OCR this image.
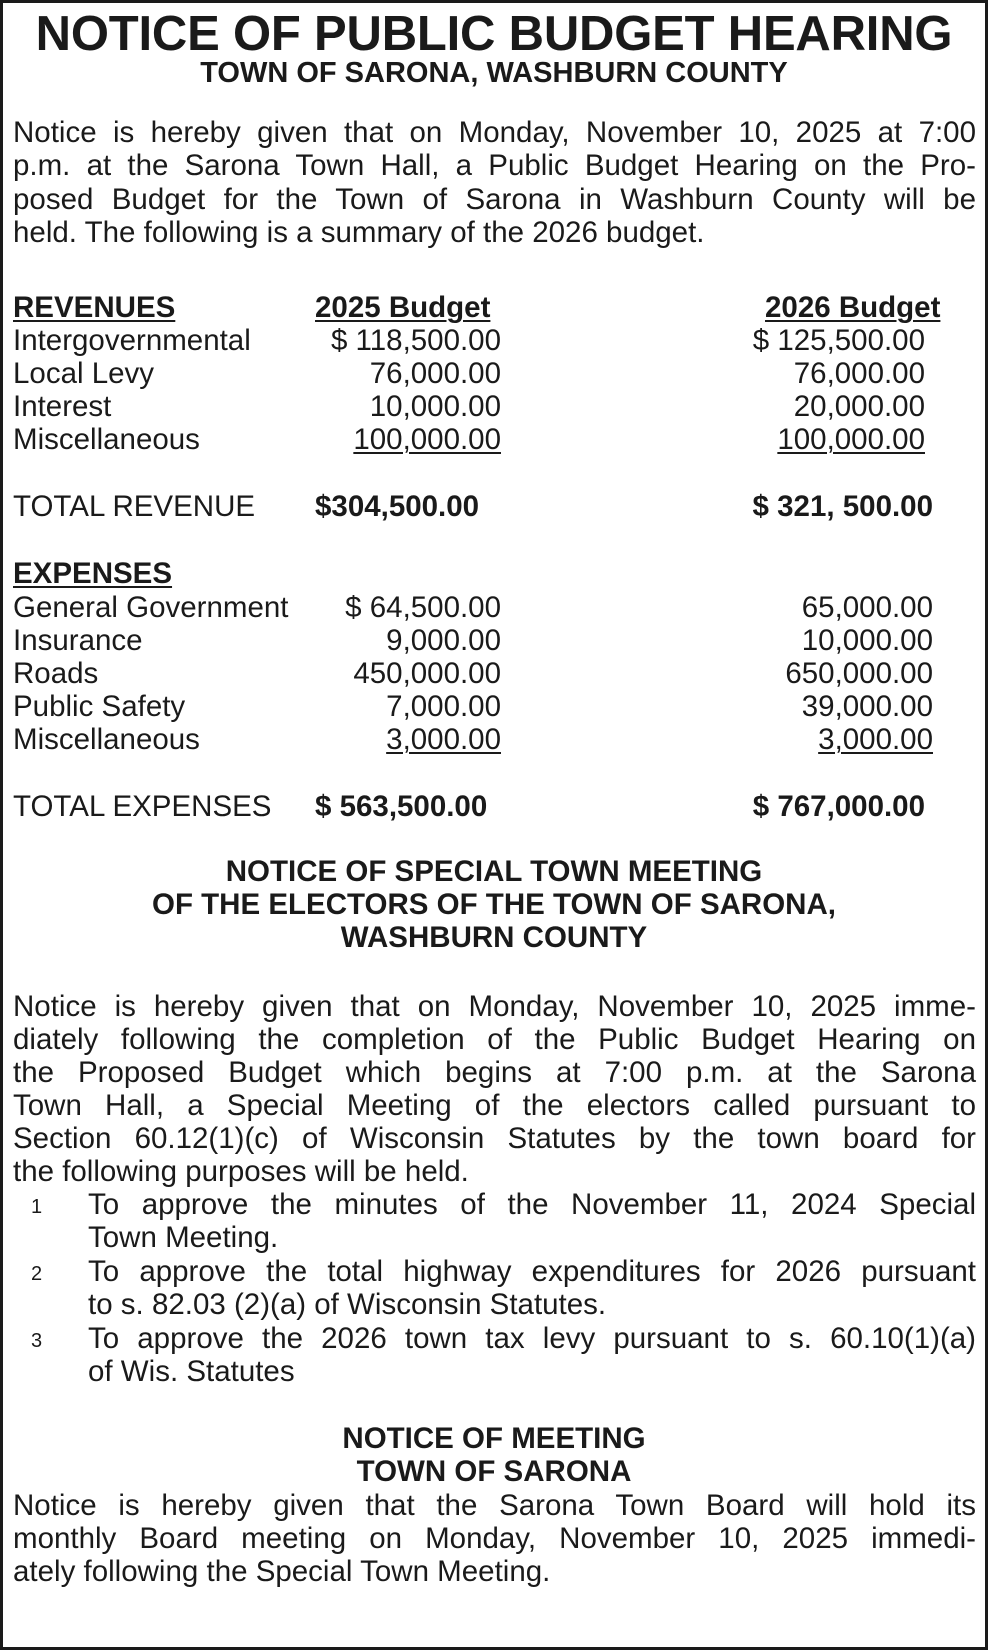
NOTICE OF PUBLIC BUDGET HEARING
TOWN OF SARONA, WASHBURN COUNTY

Notice is hereby given that on Monday, November 10, 2025 at 7:00
p.m. at the Sarona Town Hall, a Public Budget Hearing on the Pro-
posed Budget for the Town of Sarona in Washburn County will be
held. The following is a summary of the 2026 budget.

REVENUES	2025 Budget	2026 Budget
Intergovernmental	$ 118,500.00	$ 125,500.00
Local Levy	76,000.00	76,000.00
Interest	10,000.00	20,000.00
Miscellaneous	100,000.00	100,000.00
TOTAL REVENUE $304,500.00	$ 321, 500.00
EXPENSES
General Government $ 64,500.00	65,000.00
Insurance	9,000.00	10,000.00
Roads	450,000.00	650,000.00
Public Safety	7,000.00	39,000.00
Miscellaneous	3,000.00	3,000.00
TOTAL EXPENSES $ 563,500.00	$ 767,000.00

NOTICE OF SPECIAL TOWN MEETING

OF THE ELECTORS OF THE TOWN OF SARONA,

WASHBURN COUNTY

Notice is hereby given that on Monday, November 10, 2025 imme-
diately following the completion of the Public Budget Hearing on
the Proposed Budget which begins at 7:00 p.m. at the Sarona
Town Hall, a Special Meeting of the electors called pursuant to
Section 60.12(1)(c) of Wisconsin Statutes by the town board for
the following purposes will be held.

1 To approve the minutes of the November 11, 2024 Special
Town Meeting.
2 To approve the total highway expenditures for 2026 pursuant
to s. 82.03 (2)(a) of Wisconsin Statutes.
3 To approve the 2026 town tax levy pursuant to s. 60.10(1)(a)
of Wis. Statutes

NOTICE OF MEETING

TOWN OF SARONA

Notice is hereby given that the Sarona Town Board will hold its
monthly Board meeting on Monday, November 10, 2025 immedi-
ately following the Special Town Meeting.
